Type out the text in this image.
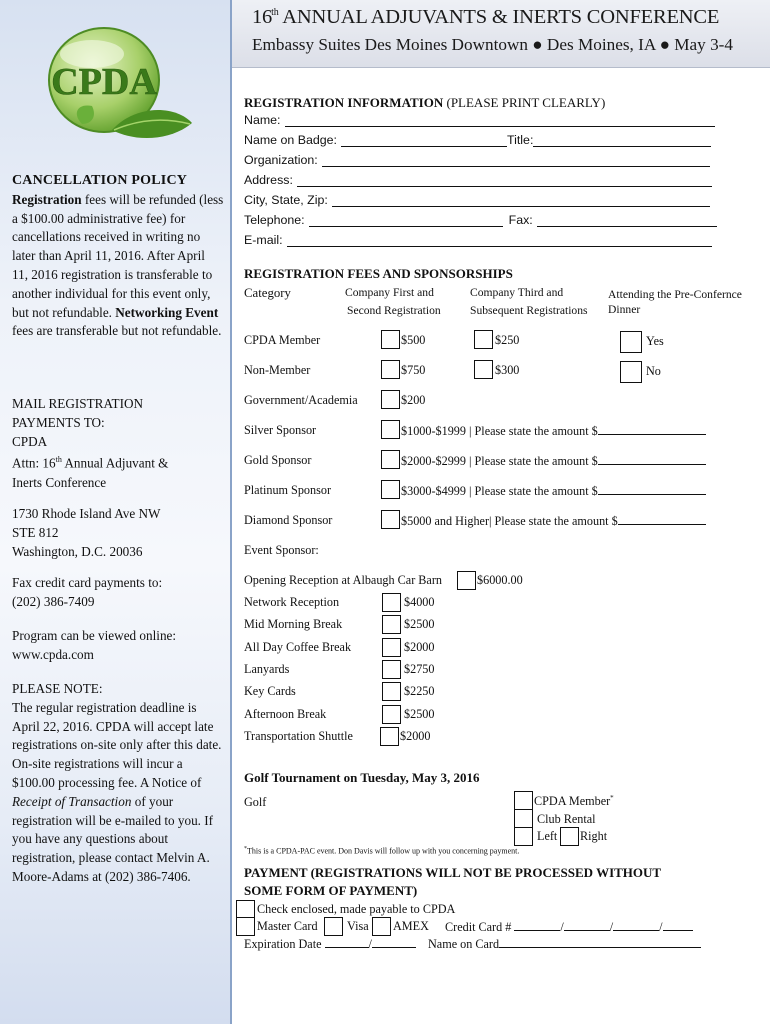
CPDA
CANCELLATION POLICY
Registration fees will be refunded (less a $100.00 administrative fee) for cancellations received in writing no later than April 11, 2016. After April 11, 2016 registration is transferable to another individual for this event only, but not refundable. Networking Event fees are transferable but not refundable.
MAIL REGISTRATION
PAYMENTS TO:
CPDA
Attn: 16th Annual Adjuvant &
Inerts Conference
1730 Rhode Island Ave NW
STE 812
Washington, D.C. 20036
Fax credit card payments to:
(202) 386-7409
Program can be viewed online:
www.cpda.com
PLEASE NOTE:
The regular registration deadline is April 22, 2016. CPDA will accept late registrations on-site only after this date. On-site registrations will incur a $100.00 processing fee. A Notice of Receipt of Transaction of your registration will be e-mailed to you. If you have any questions about registration, please contact Melvin A. Moore-Adams at (202) 386-7406.
16th ANNUAL ADJUVANTS & INERTS CONFERENCE
Embassy Suites Des Moines Downtown ● Des Moines, IA ● May 3-4
REGISTRATION INFORMATION (PLEASE PRINT CLEARLY)
Name:
Name on Badge:	Title:
Organization:
Address:
City, State, Zip:
Telephone:	Fax:
E-mail:
REGISTRATION FEES AND SPONSORSHIPS
Category	Company First and
Second Registration
Company Third and
Subsequent Registrations
Attending the Pre-Confernce
Dinner
CPDA Member	$500	$250	Yes
Non-Member	$750	$300	No
Government/Academia	$200
Silver Sponsor	$1000-$1999 | Please state the amount $
Gold Sponsor	$2000-$2999 | Please state the amount $
Platinum Sponsor	$3000-$4999 | Please state the amount $
Diamond Sponsor	$5000 and Higher| Please state the amount $
Event Sponsor:
Opening Reception at Albaugh Car Barn	$6000.00
Network Reception	$4000
Mid Morning Break	$2500
All Day Coffee Break	$2000
Lanyards	$2750
Key Cards	$2250
Afternoon Break	$2500
Transportation Shuttle	$2000
Golf Tournament on Tuesday, May 3, 2016
Golf	CPDA Member*
Club Rental
Left Right
*This is a CPDA-PAC event. Don Davis will follow up with you concerning payment.
PAYMENT (REGISTRATIONS WILL NOT BE PROCESSED WITHOUT
SOME FORM OF PAYMENT)
Check enclosed, made payable to CPDA
Master Card Visa AMEX Credit Card #	/	/	/
Expiration Date	/	Name on Card
